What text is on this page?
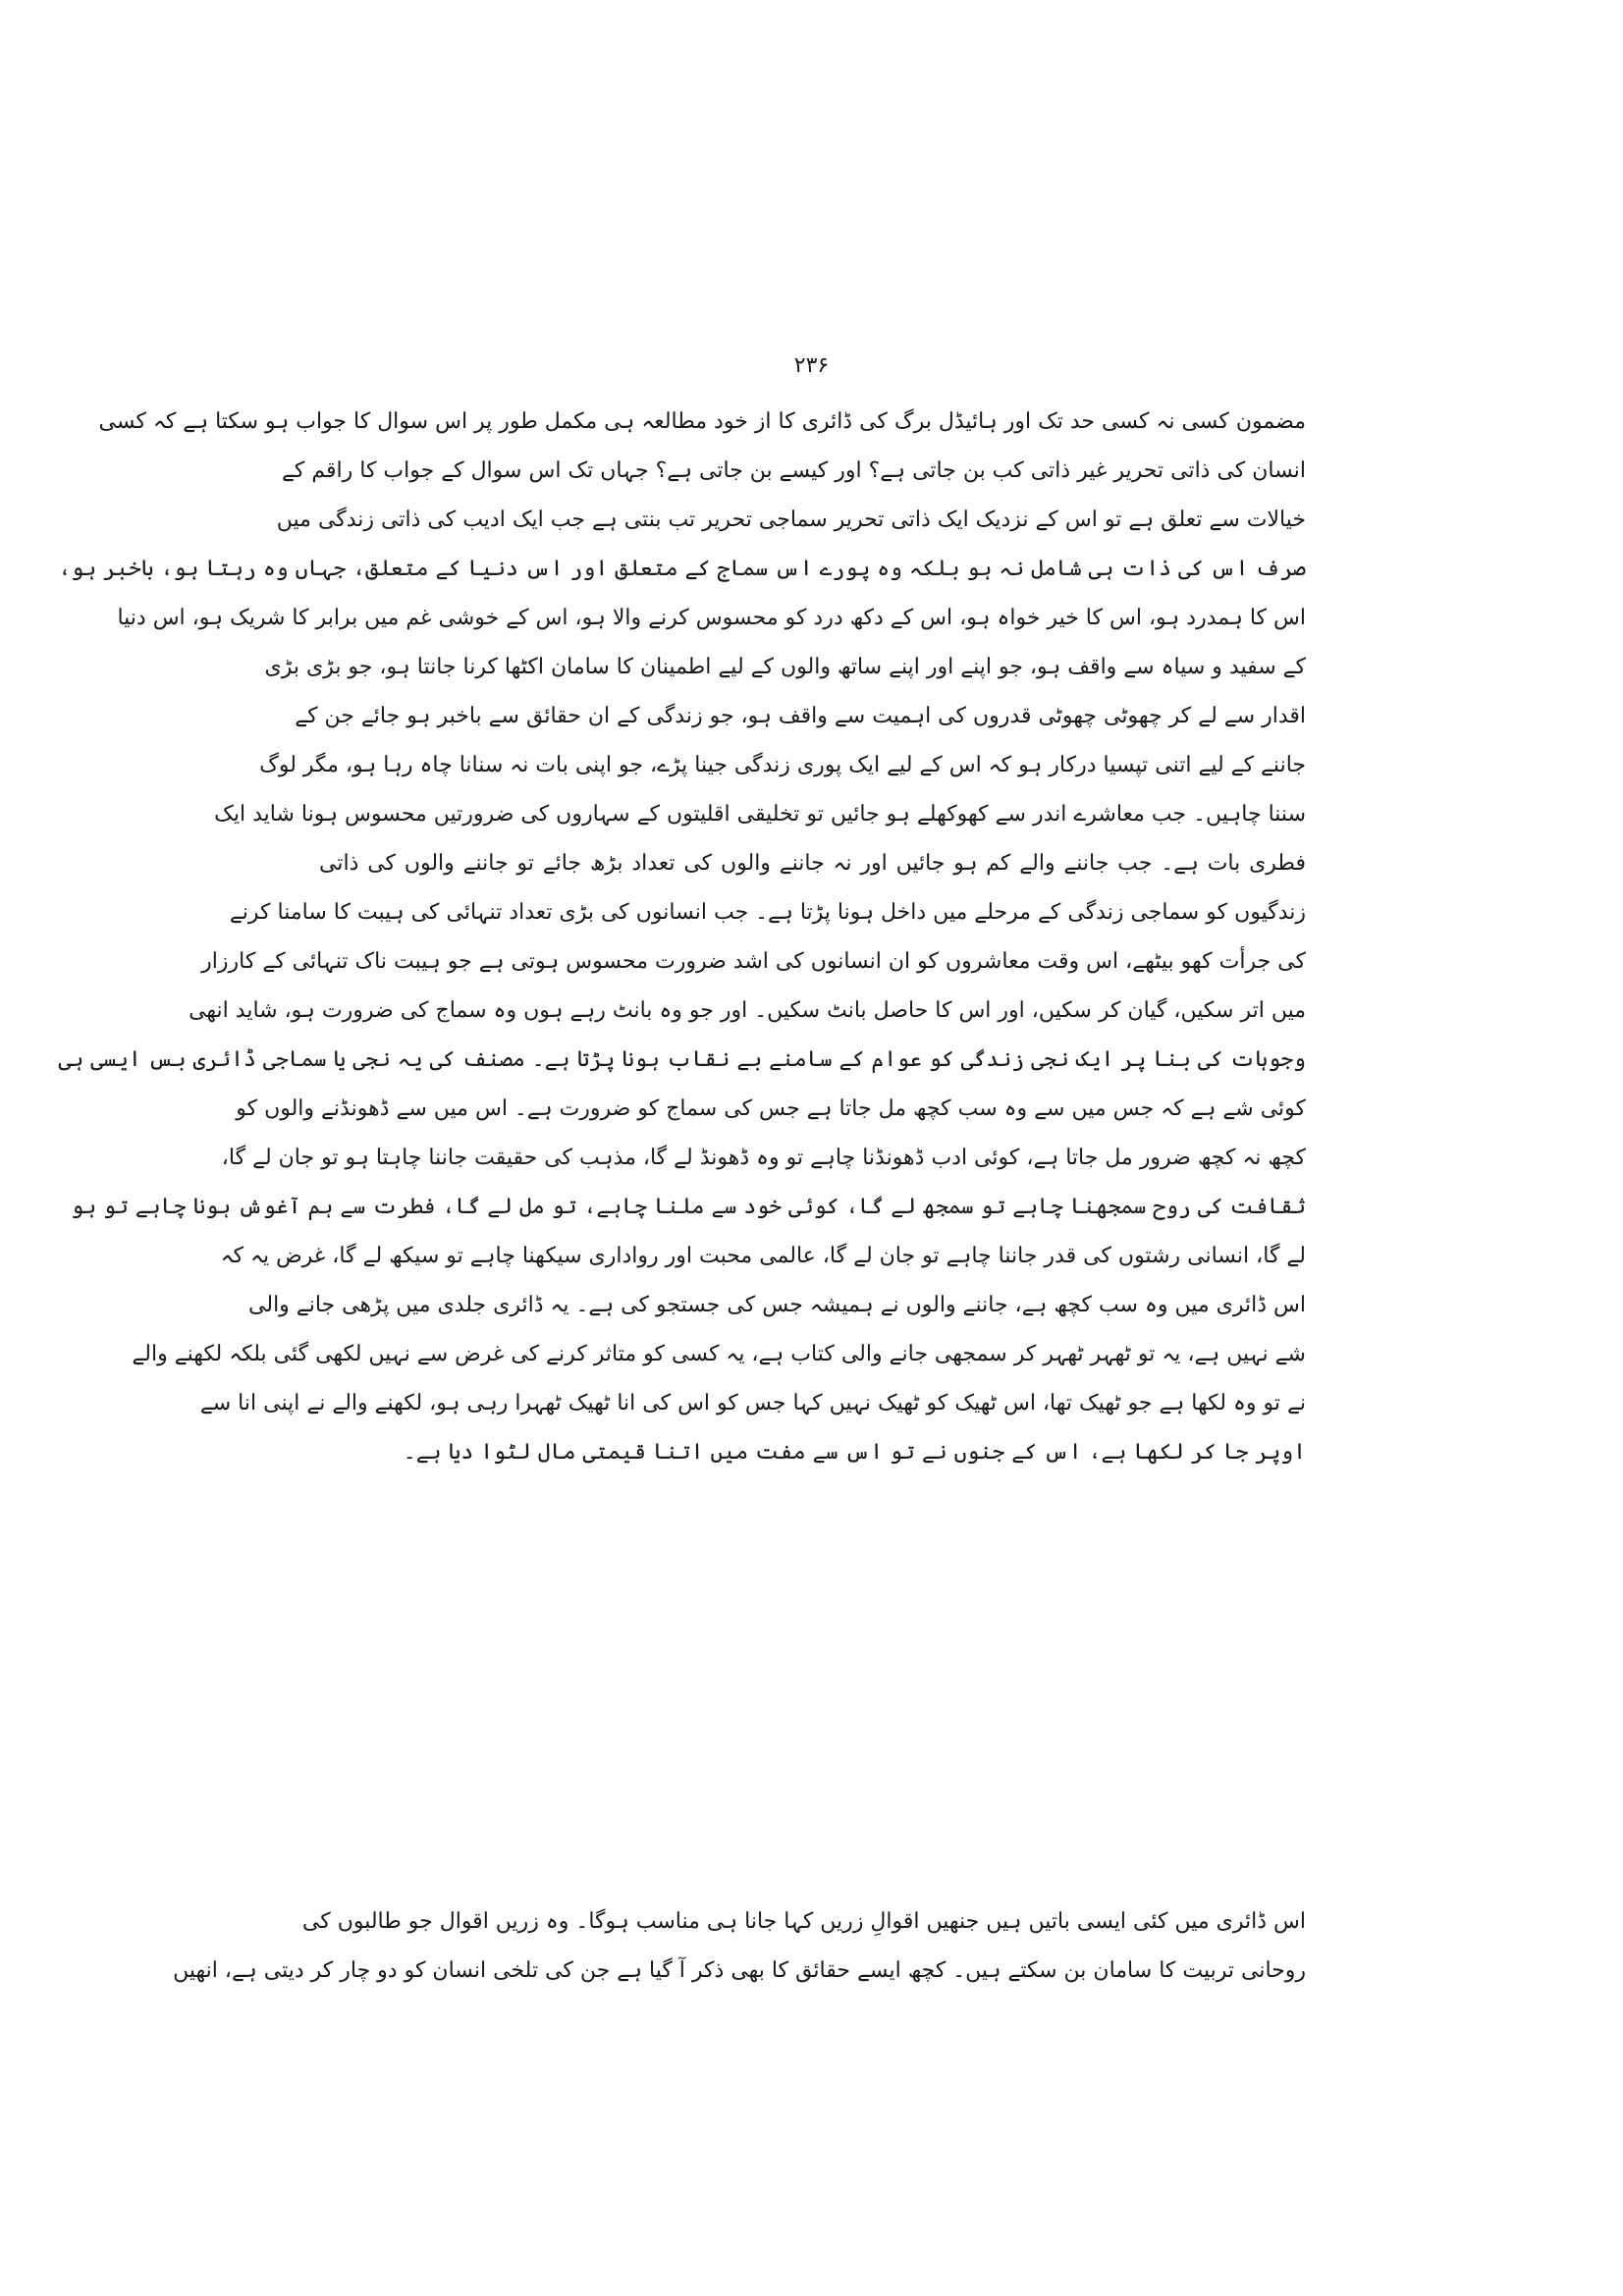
۲۳۶
مضمون کسی نہ کسی حد تک اور ہائیڈل برگ کی ڈائری کا از خود مطالعہ ہی مکمل طور پر اس سوال کا جواب ہو سکتا ہے کہ کسی
انسان کی ذاتی تحریر غیر ذاتی کب بن جاتی ہے؟ اور کیسے بن جاتی ہے؟ جہاں تک اس سوال کے جواب کا راقم کے
خیالات سے تعلق ہے تو اس کے نزدیک ایک ذاتی تحریر سماجی تحریر تب بنتی ہے جب ایک ادیب کی ذاتی زندگی میں
صرف اس کی ذات ہی شامل نہ ہو بلکہ وہ پورے اس سماج کے متعلق اور اس دنیا کے متعلق، جہاں وہ رہتا ہو، باخبر ہو،
اس کا ہمدرد ہو، اس کا خیر خواہ ہو، اس کے دکھ درد کو محسوس کرنے والا ہو، اس کے خوشی غم میں برابر کا شریک ہو، اس دنیا
کے سفید و سیاہ سے واقف ہو، جو اپنے اور اپنے ساتھ والوں کے لیے اطمینان کا سامان اکٹھا کرنا جانتا ہو، جو بڑی بڑی
اقدار سے لے کر چھوٹی چھوٹی قدروں کی اہمیت سے واقف ہو، جو زندگی کے ان حقائق سے باخبر ہو جائے جن کے
جاننے کے لیے اتنی تپسیا درکار ہو کہ اس کے لیے ایک پوری زندگی جینا پڑے، جو اپنی بات نہ سنانا چاہ رہا ہو، مگر لوگ
سننا چاہیں۔ جب معاشرے اندر سے کھوکھلے ہو جائیں تو تخلیقی اقلیتوں کے سہاروں کی ضرورتیں محسوس ہونا شاید ایک
فطری بات ہے۔ جب جاننے والے کم ہو جائیں اور نہ جاننے والوں کی تعداد بڑھ جائے تو جاننے والوں کی ذاتی
زندگیوں کو سماجی زندگی کے مرحلے میں داخل ہونا پڑتا ہے۔ جب انسانوں کی بڑی تعداد تنہائی کی ہیبت کا سامنا کرنے
کی جرأت کھو بیٹھے، اس وقت معاشروں کو ان انسانوں کی اشد ضرورت محسوس ہوتی ہے جو ہیبت ناک تنہائی کے کارزار
میں اتر سکیں، گیان کر سکیں، اور اس کا حاصل بانٹ سکیں۔ اور جو وہ بانٹ رہے ہوں وہ سماج کی ضرورت ہو، شاید انھی
وجوہات کی بنا پر ایک نجی زندگی کو عوام کے سامنے بے نقاب ہونا پڑتا ہے۔ مصنف کی یہ نجی یا سماجی ڈائری بس ایسی ہی
کوئی شے ہے کہ جس میں سے وہ سب کچھ مل جاتا ہے جس کی سماج کو ضرورت ہے۔ اس میں سے ڈھونڈنے والوں کو
کچھ نہ کچھ ضرور مل جاتا ہے، کوئی ادب ڈھونڈنا چاہے تو وہ ڈھونڈ لے گا، مذہب کی حقیقت جاننا چاہتا ہو تو جان لے گا،
ثقافت کی روح سمجھنا چاہے تو سمجھ لے گا، کوئی خود سے ملنا چاہے، تو مل لے گا، فطرت سے ہم آغوش ہونا چاہے تو ہو
لے گا، انسانی رشتوں کی قدر جاننا چاہے تو جان لے گا، عالمی محبت اور رواداری سیکھنا چاہے تو سیکھ لے گا، غرض یہ کہ
اس ڈائری میں وہ سب کچھ ہے، جاننے والوں نے ہمیشہ جس کی جستجو کی ہے۔ یہ ڈائری جلدی میں پڑھی جانے والی
شے نہیں ہے، یہ تو ٹھہر ٹھہر کر سمجھی جانے والی کتاب ہے، یہ کسی کو متاثر کرنے کی غرض سے نہیں لکھی گئی بلکہ لکھنے والے
نے تو وہ لکھا ہے جو ٹھیک تھا، اس ٹھیک کو ٹھیک نہیں کہا جس کو اس کی انا ٹھیک ٹھہرا رہی ہو، لکھنے والے نے اپنی انا سے
اوپر جا کر لکھا ہے، اس کے جنوں نے تو اس سے مفت میں اتنا قیمتی مال لٹوا دیا ہے۔
اس ڈائری میں کئی ایسی باتیں ہیں جنھیں اقوالِ زریں کہا جانا ہی مناسب ہوگا۔ وہ زریں اقوال جو طالبوں کی
روحانی تربیت کا سامان بن سکتے ہیں۔ کچھ ایسے حقائق کا بھی ذکر آ گیا ہے جن کی تلخی انسان کو دو چار کر دیتی ہے، انھیں
